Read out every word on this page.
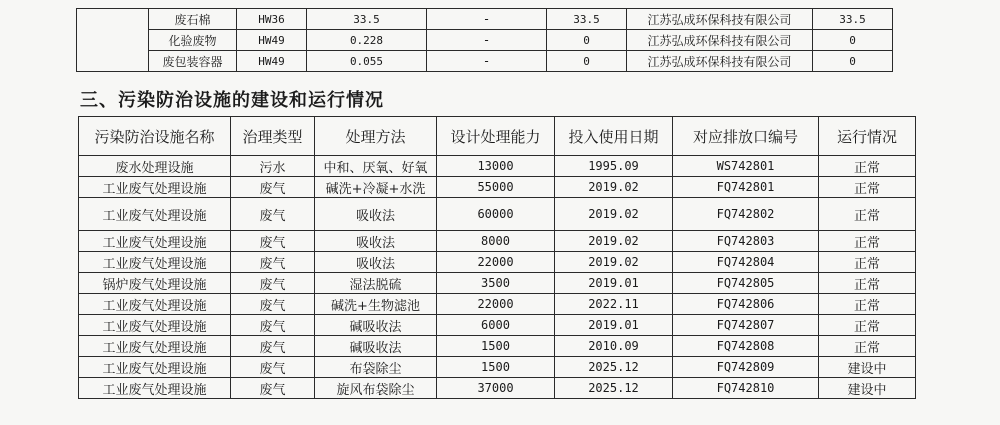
	废石棉	HW36	33.5	-	33.5	江苏弘成环保科技有限公司	33.5
	化验废物	HW49	0.228	-	0	江苏弘成环保科技有限公司	0
	废包装容器	HW49	0.055	-	0	江苏弘成环保科技有限公司	0
三、污染防治设施的建设和运行情况
污染防治设施名称	治理类型	处理方法	设计处理能力	投入使用日期	对应排放口编号	运行情况
废水处理设施	污水	中和、厌氧、好氧	13000	1995.09	WS742801	正常
工业废气处理设施	废气	碱洗+冷凝+水洗	55000	2019.02	FQ742801	正常
工业废气处理设施	废气	吸收法	60000	2019.02	FQ742802	正常
工业废气处理设施	废气	吸收法	8000	2019.02	FQ742803	正常
工业废气处理设施	废气	吸收法	22000	2019.02	FQ742804	正常
锅炉废气处理设施	废气	湿法脱硫	3500	2019.01	FQ742805	正常
工业废气处理设施	废气	碱洗+生物滤池	22000	2022.11	FQ742806	正常
工业废气处理设施	废气	碱吸收法	6000	2019.01	FQ742807	正常
工业废气处理设施	废气	碱吸收法	1500	2010.09	FQ742808	正常
工业废气处理设施	废气	布袋除尘	1500	2025.12	FQ742809	建设中
工业废气处理设施	废气	旋风布袋除尘	37000	2025.12	FQ742810	建设中
